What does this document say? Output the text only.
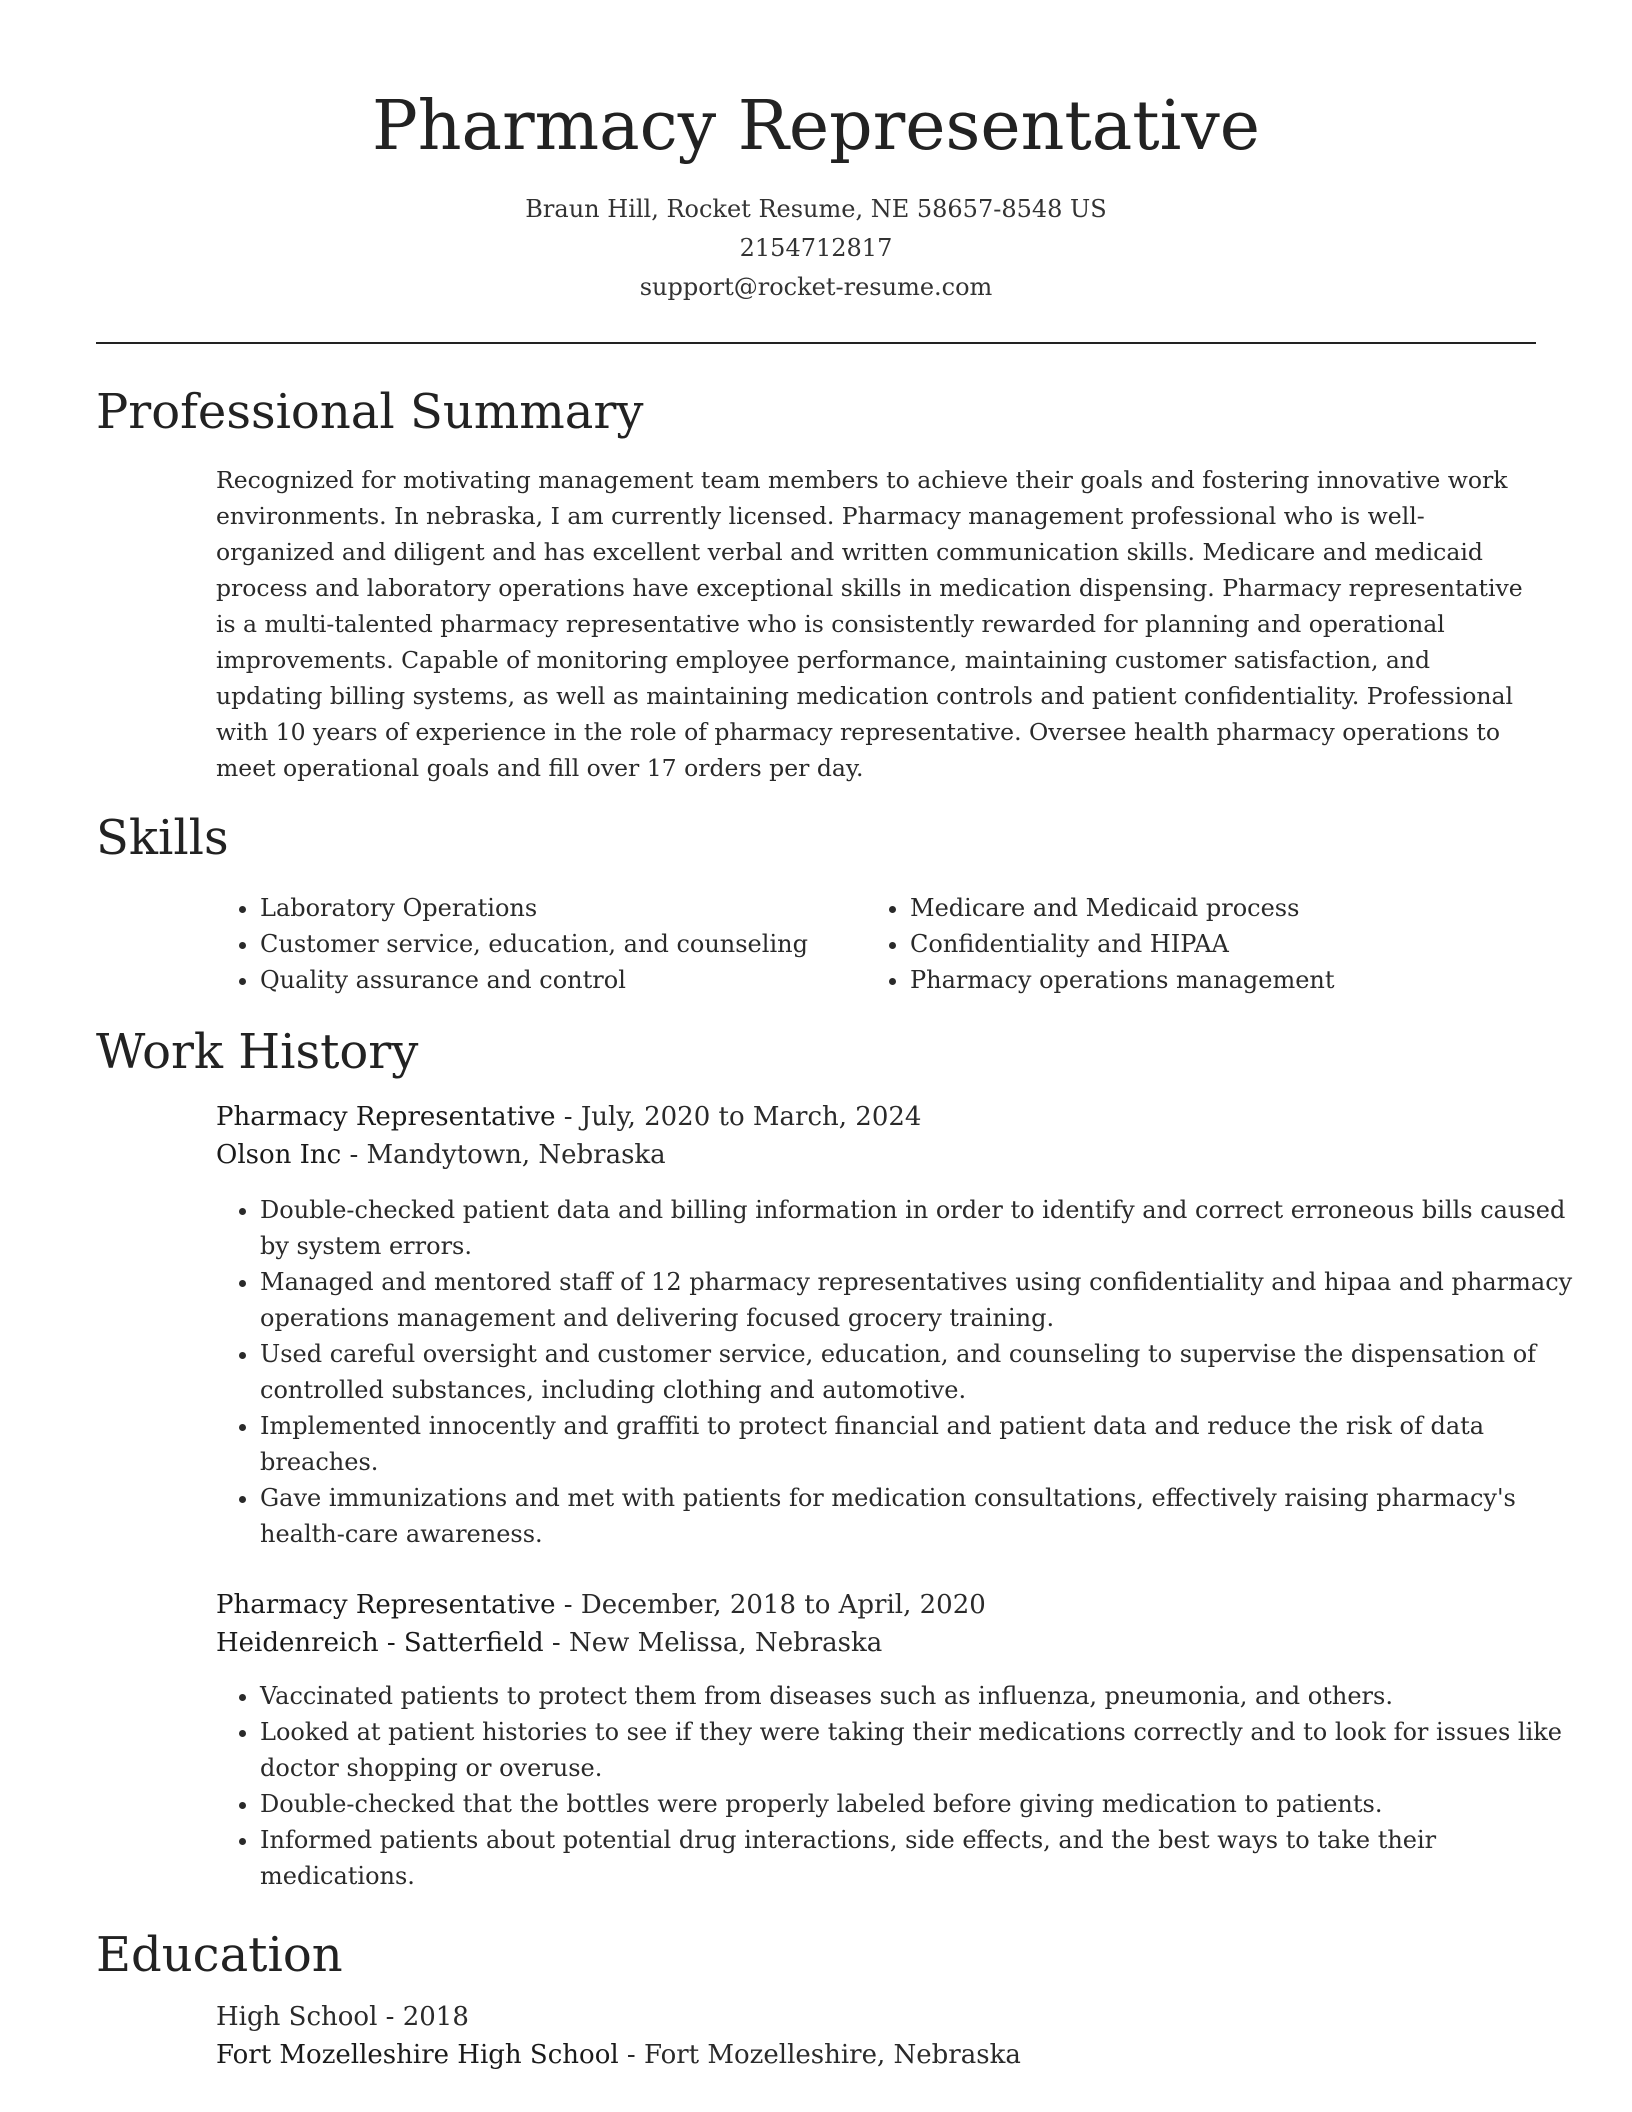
Pharmacy Representative
Braun Hill, Rocket Resume, NE 58657-8548 US
2154712817
support@rocket-resume.com
Professional Summary

Recognized for motivating management team members to achieve their goals and fostering innovative work environments. In nebraska, I am currently licensed. Pharmacy management professional who is well-organized and diligent and has excellent verbal and written communication skills. Medicare and medicaid process and laboratory operations have exceptional skills in medication dispensing. Pharmacy representative is a multi-talented pharmacy representative who is consistently rewarded for planning and operational improvements. Capable of monitoring employee performance, maintaining customer satisfaction, and updating billing systems, as well as maintaining medication controls and patient confidentiality. Professional with 10 years of experience in the role of pharmacy representative. Oversee health pharmacy operations to meet operational goals and fill over 17 orders per day.

Skills
• Laboratory Operations
• Customer service, education, and counseling
• Quality assurance and control
• Medicare and Medicaid process
• Confidentiality and HIPAA
• Pharmacy operations management
Work History
Pharmacy Representative - July, 2020 to March, 2024
Olson Inc - Mandytown, Nebraska
• Double-checked patient data and billing information in order to identify and correct erroneous bills caused by system errors.
• Managed and mentored staff of 12 pharmacy representatives using confidentiality and hipaa and pharmacy operations management and delivering focused grocery training.
• Used careful oversight and customer service, education, and counseling to supervise the dispensation of controlled substances, including clothing and automotive.
• Implemented innocently and graffiti to protect financial and patient data and reduce the risk of data breaches.
• Gave immunizations and met with patients for medication consultations, effectively raising pharmacy's health-care awareness.
Pharmacy Representative - December, 2018 to April, 2020
Heidenreich - Satterfield - New Melissa, Nebraska
• Vaccinated patients to protect them from diseases such as influenza, pneumonia, and others.
• Looked at patient histories to see if they were taking their medications correctly and to look for issues like doctor shopping or overuse.
• Double-checked that the bottles were properly labeled before giving medication to patients.
• Informed patients about potential drug interactions, side effects, and the best ways to take their medications.
Education
High School - 2018
Fort Mozelleshire High School - Fort Mozelleshire, Nebraska
